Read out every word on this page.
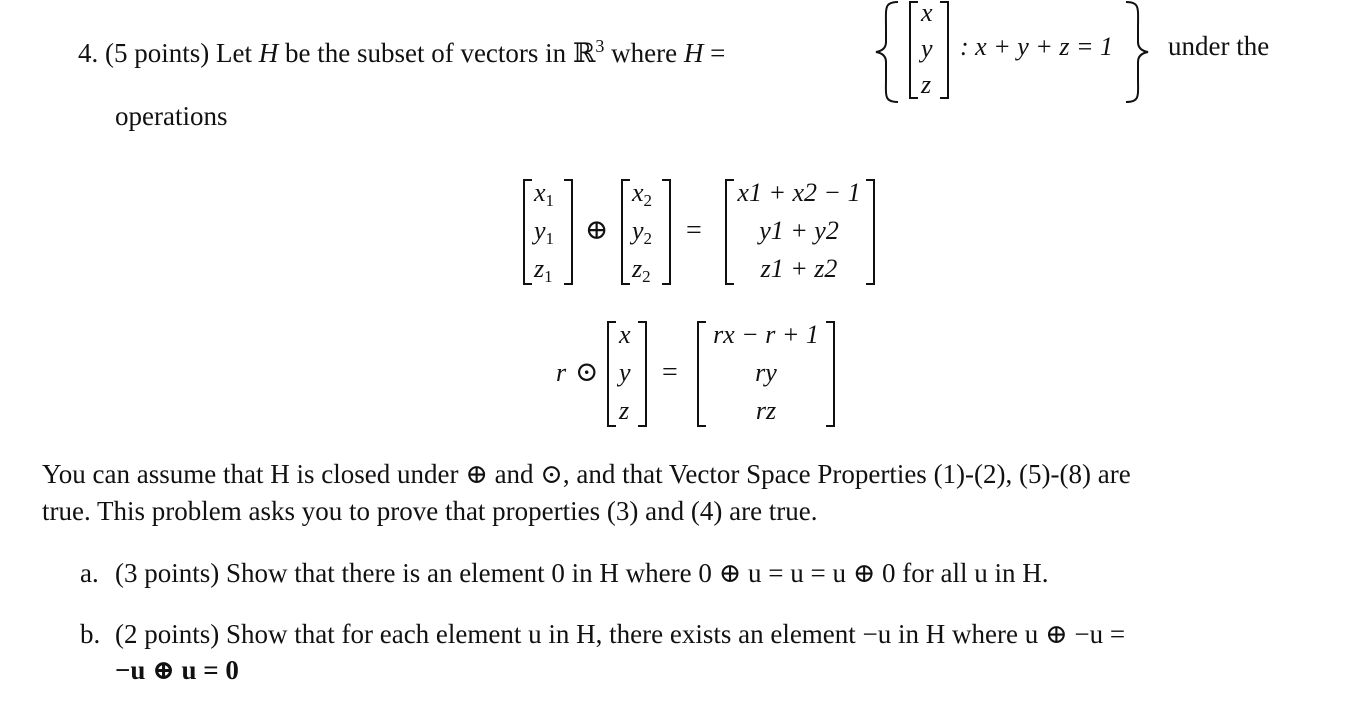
4. (5 points) Let H be the subset of vectors in ℝ$^3$ where H =
x
y
z
: x + y + z = 1 under the
operations
$x_1$
$y_1$
$z_1$
⊕
$x_2$
$y_2$
$z_2$
=
x1 + x2 − 1
y1 + y2
z1 + z2
r ⊙
x
y
z
=
rx − r + 1
ry
rz
You can assume that H is closed under ⊕ and ⊙, and that Vector Space Properties (1)-(2), (5)-(8) are
true. This problem asks you to prove that properties (3) and (4) are true.
a. (3 points) Show that there is an element 0 in H where 0 ⊕ u = u = u ⊕ 0 for all u in H.
b. (2 points) Show that for each element u in H, there exists an element −u in H where u ⊕ −u =
−u ⊕ u = 0
